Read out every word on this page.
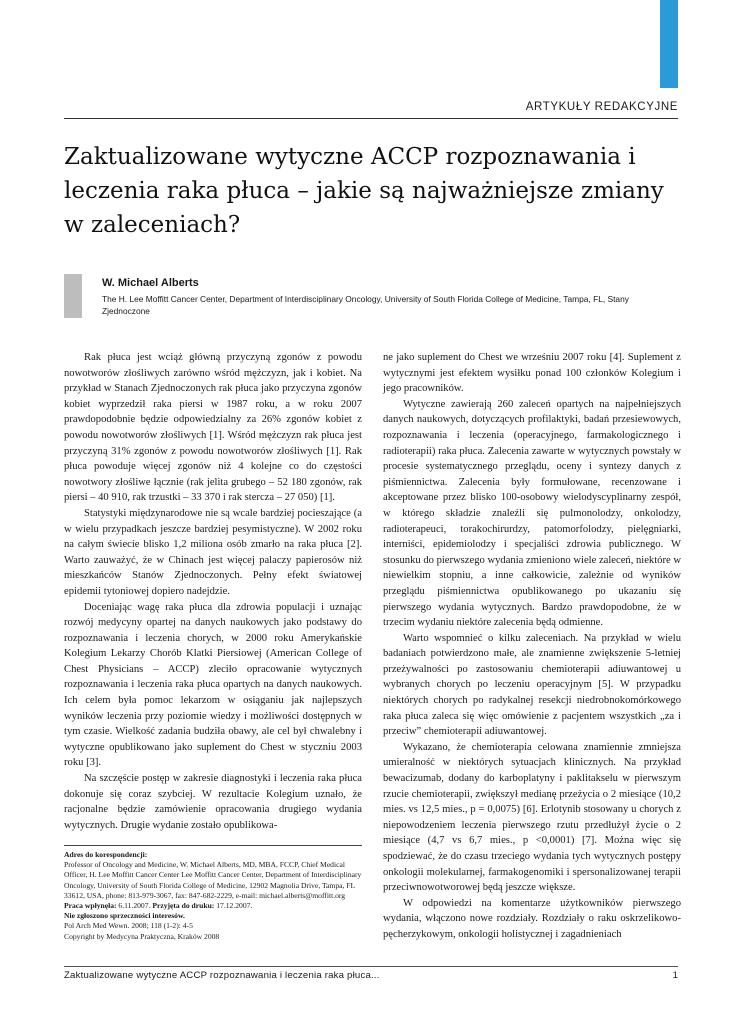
ARTYKUŁY REDAKCYJNE
Zaktualizowane wytyczne ACCP rozpoznawania i leczenia raka płuca – jakie są najważniejsze zmiany w zaleceniach?
W. Michael Alberts
The H. Lee Moffitt Cancer Center, Department of Interdisciplinary Oncology, University of South Florida College of Medicine, Tampa, FL, Stany Zjednoczone

Rak płuca jest wciąż główną przyczyną zgonów z powodu nowotworów złośliwych zarówno wśród mężczyzn, jak i kobiet. Na przykład w Stanach Zjednoczonych rak płuca jako przyczyna zgonów kobiet wyprzedził raka piersi w 1987 roku, a w roku 2007 prawdopodobnie będzie odpowiedzialny za 26% zgonów kobiet z powodu nowotworów złośliwych [1]. Wśród mężczyzn rak płuca jest przyczyną 31% zgonów z powodu nowotworów złośliwych [1]. Rak płuca powoduje więcej zgonów niż 4 kolejne co do częstości nowotwory złośliwe łącznie (rak jelita grubego – 52 180 zgonów, rak piersi – 40 910, rak trzustki – 33 370 i rak sterczа – 27 050) [1].

Statystyki międzynarodowe nie są wcale bardziej pocieszające (a w wielu przypadkach jeszcze bardziej pesymistyczne). W 2002 roku na całym świecie blisko 1,2 miliona osób zmarło na raka płuca [2]. Warto zauważyć, że w Chinach jest więcej palaczy papierosów niż mieszkańców Stanów Zjednoczonych. Pełny efekt światowej epidemii tytoniowej dopiero nadejdzie.

Doceniając wagę raka płuca dla zdrowia populacji i uznając rozwój medycyny opartej na danych naukowych jako podstawy do rozpoznawania i leczenia chorych, w 2000 roku Amerykańskie Kolegium Lekarzy Chorób Klatki Piersiowej (American College of Chest Physicians – ACCP) zleciło opracowanie wytycznych rozpoznawania i leczenia raka płuca opartych na danych naukowych. Ich celem była pomoc lekarzom w osiąganiu jak najlepszych wyników leczenia przy poziomie wiedzy i możliwości dostępnych w tym czasie. Wielkość zadania budziła obawy, ale cel był chwalebny i wytyczne opublikowano jako suplement do Chest w styczniu 2003 roku [3].

Na szczęście postęp w zakresie diagnostyki i leczenia raka płuca dokonuje się coraz szybciej. W rezultacie Kolegium uznało, że racjonalne będzie zamówienie opracowania drugiego wydania wytycznych. Drugie wydanie zostało opublikowa-

ne jako suplement do Chest we wrześniu 2007 roku [4]. Suplement z wytycznymi jest efektem wysiłku ponad 100 członków Kolegium i jego pracowników.

Wytyczne zawierają 260 zaleceń opartych na najpełniejszych danych naukowych, dotyczących profilaktyki, badań przesiewowych, rozpoznawania i leczenia (operacyjnego, farmakologicznego i radioterapii) raka płuca. Zalecenia zawarte w wytycznych powstały w procesie systematycznego przeglądu, oceny i syntezy danych z piśmiennictwa. Zalecenia były formułowane, recenzowane i akceptowane przez blisko 100-osobowy wielodyscyplinarny zespół, w którego składzie znaleźli się pulmonolodzy, onkolodzy, radioterapeuci, torakochirurdzy, patomorfolodzy, pielęgniarki, interniści, epidemiolodzy i specjaliści zdrowia publicznego. W stosunku do pierwszego wydania zmieniono wiele zaleceń, niektóre w niewielkim stopniu, a inne całkowicie, zależnie od wyników przeglądu piśmiennictwa opublikowanego po ukazaniu się pierwszego wydania wytycznych. Bardzo prawdopodobne, że w trzecim wydaniu niektóre zalecenia będą odmienne.

Warto wspomnieć o kilku zaleceniach. Na przykład w wielu badaniach potwierdzono małe, ale znamienne zwiększenie 5-letniej przeżywalności po zastosowaniu chemioterapii adiuwantowej u wybranych chorych po leczeniu operacyjnym [5]. W przypadku niektórych chorych po radykalnej resekcji niedrobnokomórkowego raka płuca zaleca się więc omówienie z pacjentem wszystkich „za i przeciw” chemioterapii adiuwantowej.

Wykazano, że chemioterapia celowana znamiennie zmniejsza umieralność w niektórych sytuacjach klinicznych. Na przykład bewacizumab, dodany do karboplatyny i paklitakselu w pierwszym rzucie chemioterapii, zwiększył medianę przeżycia o 2 miesiące (10,2 mies. vs 12,5 mies., p = 0,0075) [6]. Erlotynib stosowany u chorych z niepowodzeniem leczenia pierwszego rzutu przedłużył życie o 2 miesiące (4,7 vs 6,7 mies., p <0,0001) [7]. Można więc się spodziewać, że do czasu trzeciego wydania tych wytycznych postępy onkologii molekularnej, farmakogenomiki i spersonalizowanej terapii przeciwnowotworowej będą jeszcze większe.

W odpowiedzi na komentarze użytkowników pierwszego wydania, włączono nowe rozdziały. Rozdziały o raku oskrzelikowo-pęcherzykowym, onkologii holistycznej i zagadnieniach

Adres do korespondencji:

Professor of Oncology and Medicine, W. Michael Alberts, MD, MBA, FCCP, Chief Medical Officer, H. Lee Moffitt Cancer Center Lee Moffitt Cancer Center, Department of Interdisciplinary Oncology, University of South Florida College of Medicine, 12902 Magnolia Drive, Tampa, FL 33612, USA, phone: 813-979-3067, fax: 847-682-2229, e-mail: michael.alberts@moffitt.org

Praca wpłynęła: 6.11.2007. Przyjęta do druku: 17.12.2007.

Nie zgłoszono sprzeczności interesów.

Pol Arch Med Wewn. 2008; 118 (1-2): 4-5

Copyright by Medycyna Praktyczna, Kraków 2008

Zaktualizowane wytyczne ACCP rozpoznawania i leczenia raka płuca...	1
